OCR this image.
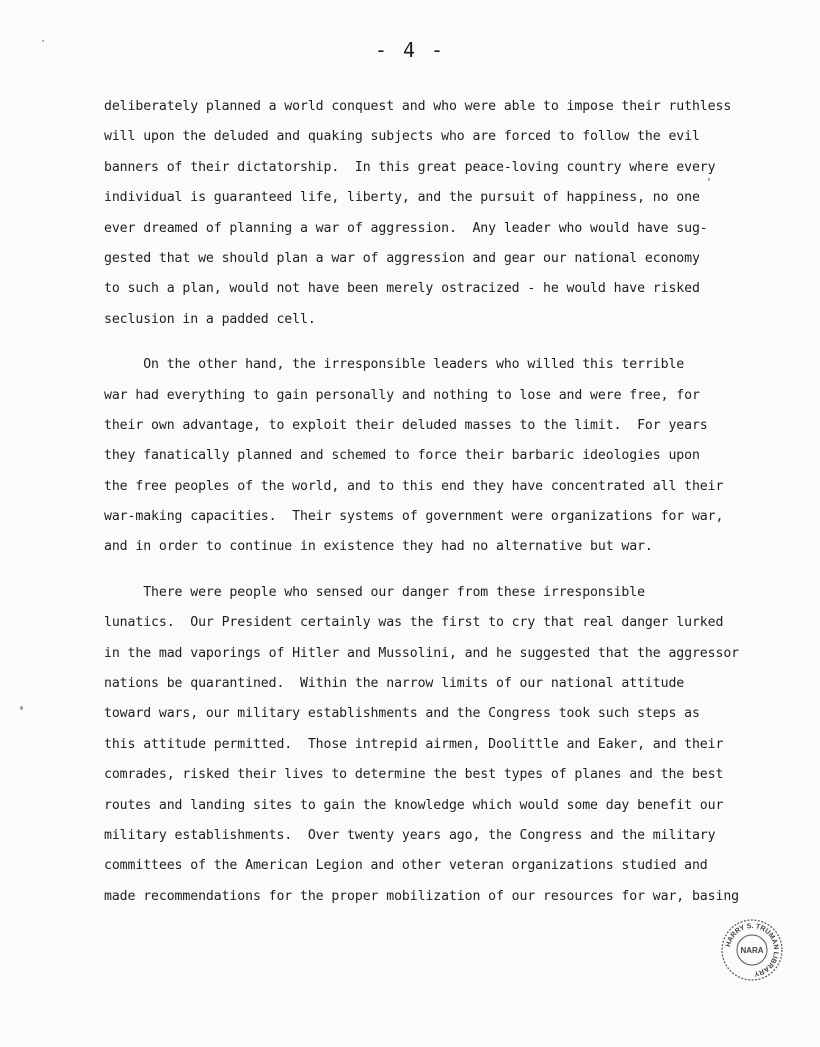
- 4 -
deliberately planned a world conquest and who were able to impose their ruthless
will upon the deluded and quaking subjects who are forced to follow the evil
banners of their dictatorship.  In this great peace-loving country where every
individual is guaranteed life, liberty, and the pursuit of happiness, no one
ever dreamed of planning a war of aggression.  Any leader who would have sug-
gested that we should plan a war of aggression and gear our national economy
to such a plan, would not have been merely ostracized - he would have risked
seclusion in a padded cell.
On the other hand, the irresponsible leaders who willed this terrible
war had everything to gain personally and nothing to lose and were free, for
their own advantage, to exploit their deluded masses to the limit.  For years
they fanatically planned and schemed to force their barbaric ideologies upon
the free peoples of the world, and to this end they have concentrated all their
war-making capacities.  Their systems of government were organizations for war,
and in order to continue in existence they had no alternative but war.
There were people who sensed our danger from these irresponsible
lunatics.  Our President certainly was the first to cry that real danger lurked
in the mad vaporings of Hitler and Mussolini, and he suggested that the aggressor
nations be quarantined.  Within the narrow limits of our national attitude
toward wars, our military establishments and the Congress took such steps as
this attitude permitted.  Those intrepid airmen, Doolittle and Eaker, and their
comrades, risked their lives to determine the best types of planes and the best
routes and landing sites to gain the knowledge which would some day benefit our
military establishments.  Over twenty years ago, the Congress and the military
committees of the American Legion and other veteran organizations studied and
made recommendations for the proper mobilization of our resources for war, basing
HARRY S. TRUMAN LIBRARY
NARA
